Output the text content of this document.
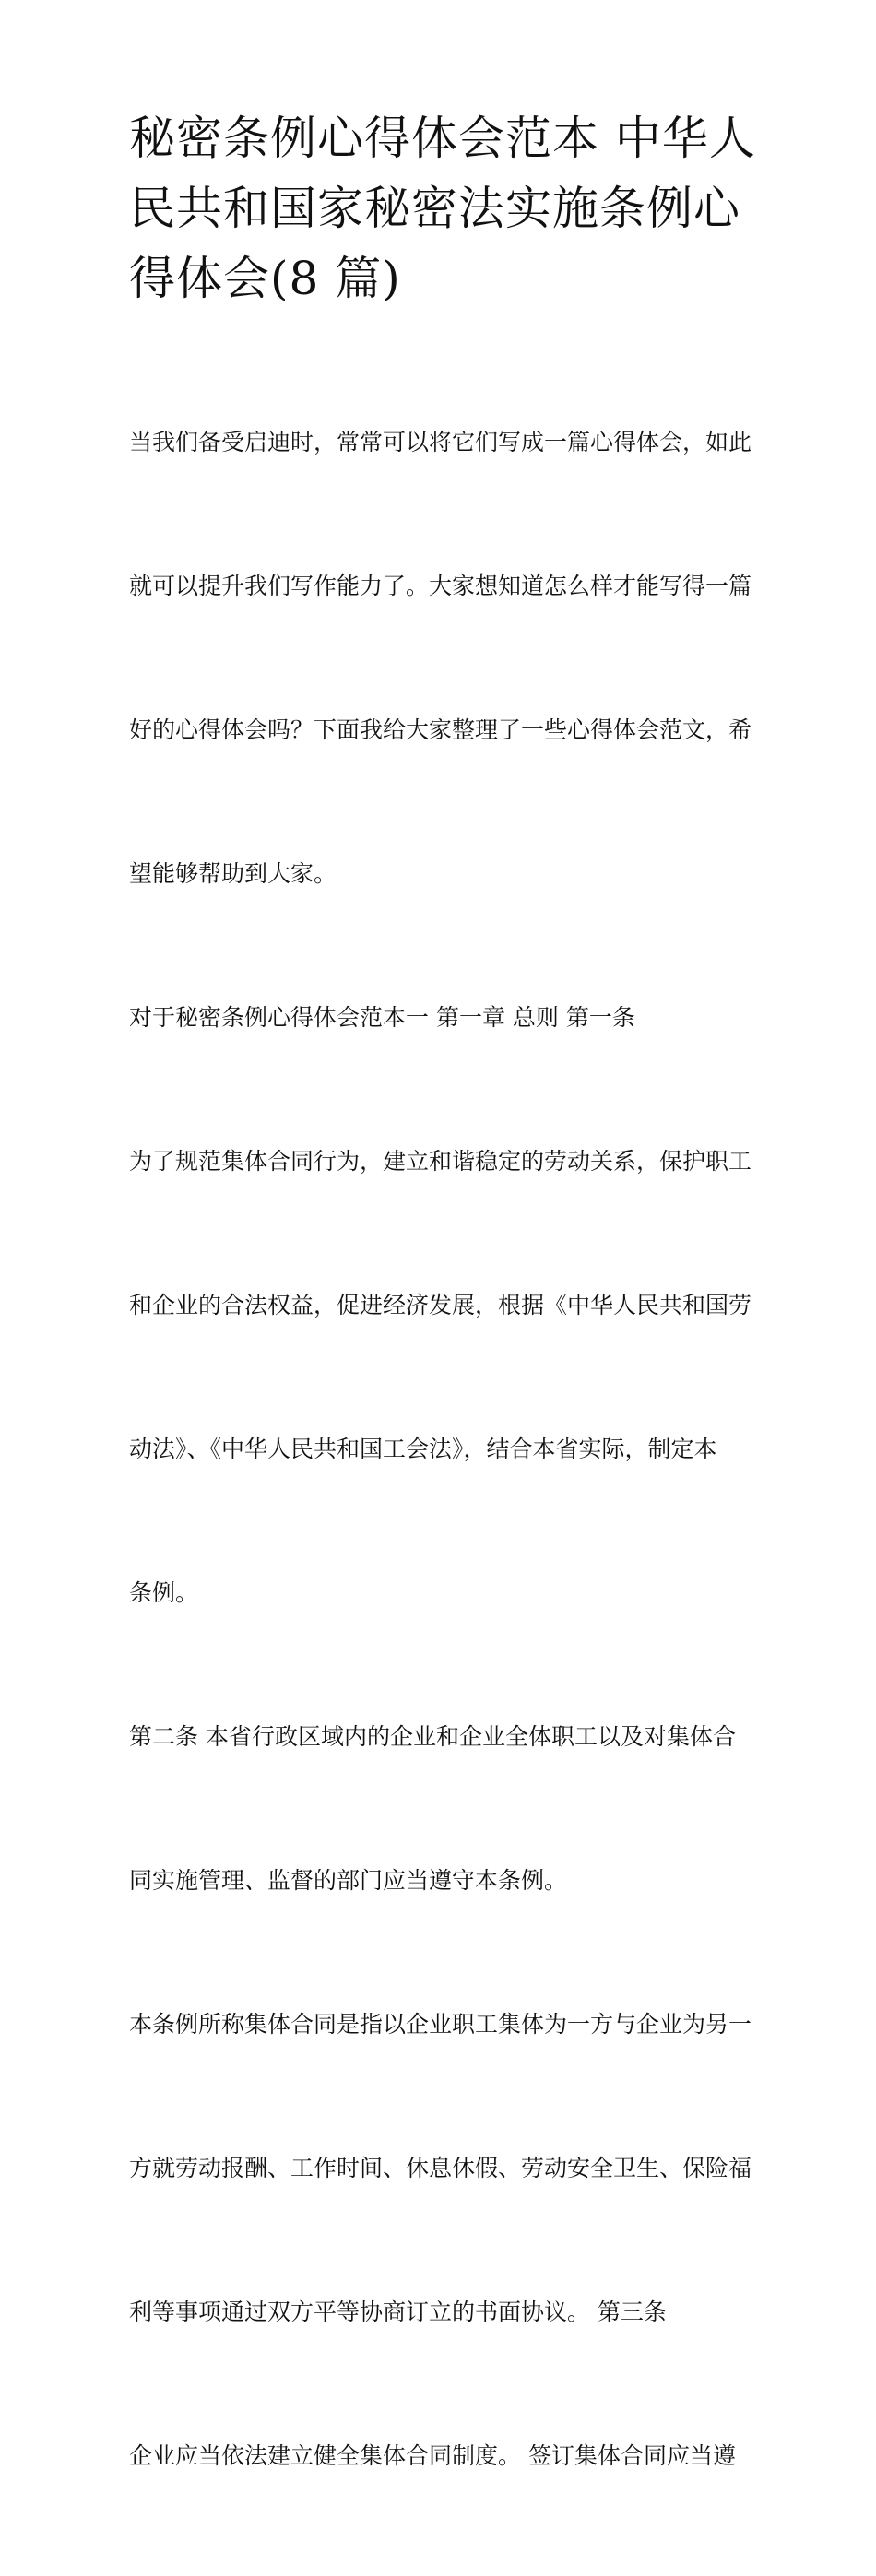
秘密条例心得体会范本 中华人
民共和国家秘密法实施条例心
得体会(8 篇)

当我们备受启迪时，常常可以将它们写成一篇心得体会，如此

就可以提升我们写作能力了。大家想知道怎么样才能写得一篇

好的心得体会吗？下面我给大家整理了一些心得体会范文，希

望能够帮助到大家。

对于秘密条例心得体会范本一 第一章 总则 第一条

为了规范集体合同行为，建立和谐稳定的劳动关系，保护职工

和企业的合法权益，促进经济发展，根据《中华人民共和国劳

动法》、《中华人民共和国工会法》，结合本省实际，制定本

条例。

第二条 本省行政区域内的企业和企业全体职工以及对集体合

同实施管理、监督的部门应当遵守本条例。

本条例所称集体合同是指以企业职工集体为一方与企业为另一

方就劳动报酬、工作时间、休息休假、劳动安全卫生、保险福

利等事项通过双方平等协商订立的书面协议。 第三条

企业应当依法建立健全集体合同制度。 签订集体合同应当遵
